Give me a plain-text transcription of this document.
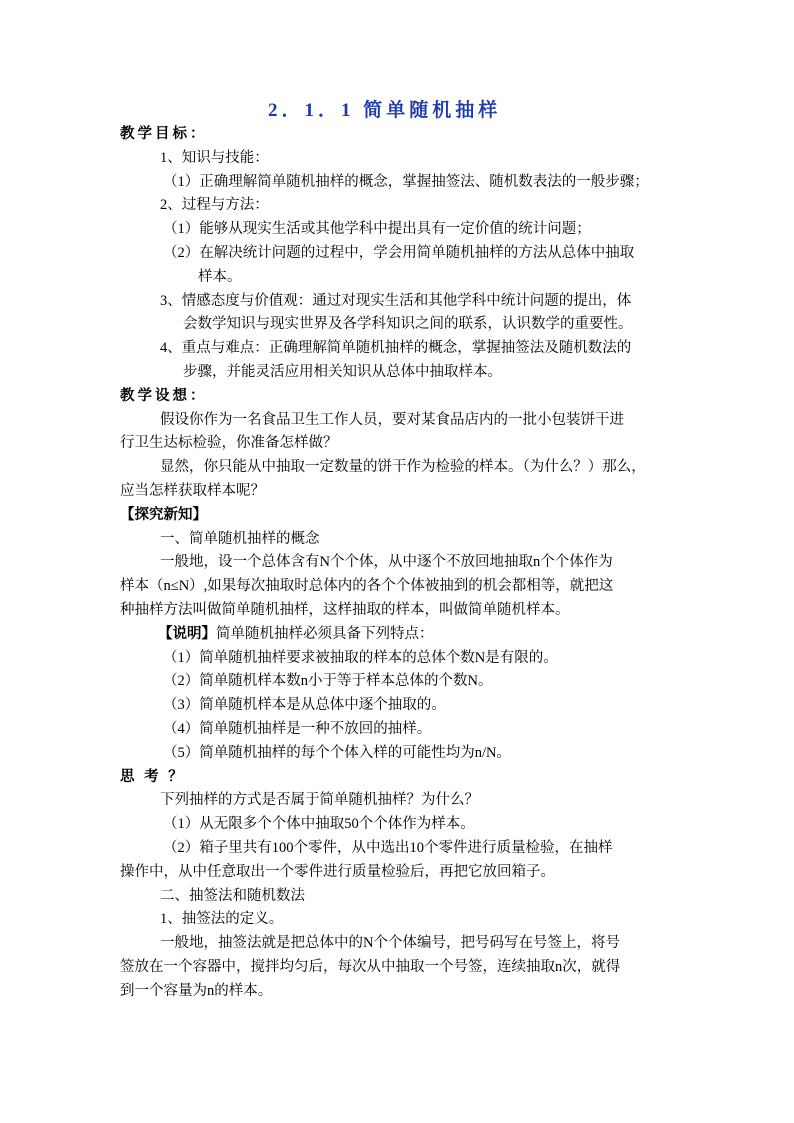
2．1．1 简单随机抽样
教学目标：
1、知识与技能：
（1）正确理解简单随机抽样的概念，掌握抽签法、随机数表法的一般步骤；
2、过程与方法：
（1）能够从现实生活或其他学科中提出具有一定价值的统计问题；
（2）在解决统计问题的过程中，学会用简单随机抽样的方法从总体中抽取
样本。
3、情感态度与价值观：通过对现实生活和其他学科中统计问题的提出，体
会数学知识与现实世界及各学科知识之间的联系，认识数学的重要性。
4、重点与难点：正确理解简单随机抽样的概念，掌握抽签法及随机数法的
步骤，并能灵活应用相关知识从总体中抽取样本。
教学设想：
假设你作为一名食品卫生工作人员，要对某食品店内的一批小包装饼干进
行卫生达标检验，你准备怎样做？
显然，你只能从中抽取一定数量的饼干作为检验的样本。（为什么？）那么，
应当怎样获取样本呢？
【探究新知】
一、简单随机抽样的概念
一般地，设一个总体含有N个个体，从中逐个不放回地抽取n个个体作为
样本（n≤N）,如果每次抽取时总体内的各个个体被抽到的机会都相等，就把这
种抽样方法叫做简单随机抽样，这样抽取的样本，叫做简单随机样本。
【说明】简单随机抽样必须具备下列特点：
（1）简单随机抽样要求被抽取的样本的总体个数N是有限的。
（2）简单随机样本数n小于等于样本总体的个数N。
（3）简单随机样本是从总体中逐个抽取的。
（4）简单随机抽样是一种不放回的抽样。
（5）简单随机抽样的每个个体入样的可能性均为n/N。
思 考 ？
下列抽样的方式是否属于简单随机抽样？为什么？
（1）从无限多个个体中抽取50个个体作为样本。
（2）箱子里共有100个零件，从中选出10个零件进行质量检验，在抽样
操作中，从中任意取出一个零件进行质量检验后，再把它放回箱子。
二、抽签法和随机数法
1、抽签法的定义。
一般地，抽签法就是把总体中的N个个体编号，把号码写在号签上，将号
签放在一个容器中，搅拌均匀后，每次从中抽取一个号签，连续抽取n次，就得
到一个容量为n的样本。
